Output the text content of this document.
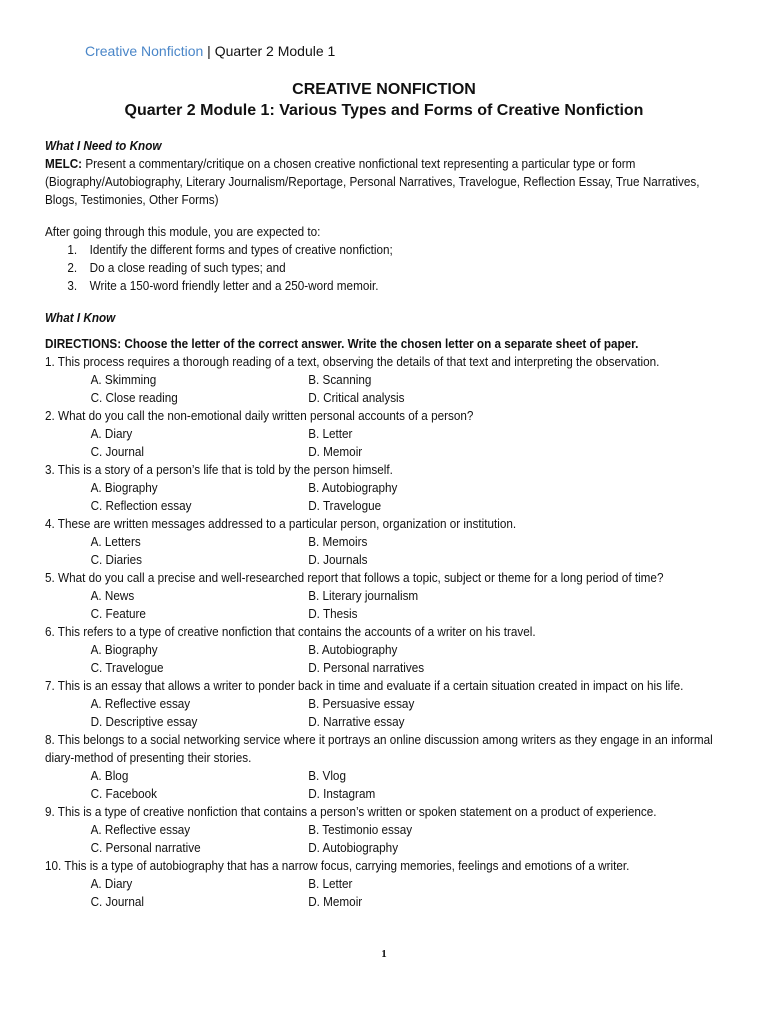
Creative Nonfiction | Quarter 2 Module 1
CREATIVE NONFICTION
Quarter 2 Module 1: Various Types and Forms of Creative Nonfiction
What I Need to Know
MELC: Present a commentary/critique on a chosen creative nonfictional text representing a particular type or form (Biography/Autobiography, Literary Journalism/Reportage, Personal Narratives, Travelogue, Reflection Essay, True Narratives, Blogs, Testimonies, Other Forms)
After going through this module, you are expected to:
1. Identify the different forms and types of creative nonfiction;
2. Do a close reading of such types; and
3. Write a 150-word friendly letter and a 250-word memoir.
What I Know
DIRECTIONS: Choose the letter of the correct answer. Write the chosen letter on a separate sheet of paper.
1. This process requires a thorough reading of a text, observing the details of that text and interpreting the observation.
A. Skimming	B. Scanning
C. Close reading	D. Critical analysis
2. What do you call the non-emotional daily written personal accounts of a person?
A. Diary	B. Letter
C. Journal	D. Memoir
3. This is a story of a person’s life that is told by the person himself.
A. Biography	B. Autobiography
C. Reflection essay	D. Travelogue
4. These are written messages addressed to a particular person, organization or institution.
A. Letters	B. Memoirs
C. Diaries	D. Journals
5. What do you call a precise and well-researched report that follows a topic, subject or theme for a long period of time?
A. News	B. Literary journalism
C. Feature	D. Thesis
6. This refers to a type of creative nonfiction that contains the accounts of a writer on his travel.
A. Biography	B. Autobiography
C. Travelogue	D. Personal narratives
7. This is an essay that allows a writer to ponder back in time and evaluate if a certain situation created in impact on his life.
A. Reflective essay	B. Persuasive essay
D. Descriptive essay	D. Narrative essay
8. This belongs to a social networking service where it portrays an online discussion among writers as they engage in an informal diary-method of presenting their stories.
A. Blog	B. Vlog
C. Facebook	D. Instagram
9. This is a type of creative nonfiction that contains a person’s written or spoken statement on a product of experience.
A. Reflective essay	B. Testimonio essay
C. Personal narrative	D. Autobiography
10. This is a type of autobiography that has a narrow focus, carrying memories, feelings and emotions of a writer.
A. Diary	B. Letter
C. Journal	D. Memoir
1
